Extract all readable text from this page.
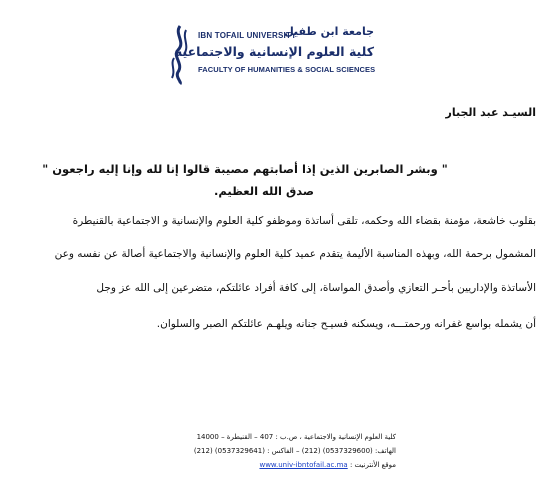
IBN TOFAIL UNIVERSITY
جامعة ابن طفيل
كلية العلوم الإنسانية والاجتماعية
FACULTY OF HUMANITIES & SOCIAL SCIENCES
السيـد عبد الجبار
" وبشر الصابرين الذين إذا أصابتهم مصيبة قالوا إنا لله وإنا إليه راجعون "
صدق الله العظيم.
بقلوب خاشعة، مؤمنة بقضاء الله وحكمه، تلقى أساتذة وموظفو كلية العلوم والإنسانية و الاجتماعية بالقنيطرة
المشمول برحمة الله، وبهذه المناسبة الأليمة يتقدم عميد كلية العلوم والإنسانية والاجتماعية أصالة عن نفسه وعن
الأساتذة والإداريين بأحـر التعازي وأصدق المواساة، إلى كافة أفراد عائلتكم، متضرعين إلى الله عز وجل
أن يشمله بواسع غفرانه ورحمتـــه، ويسكنه فسيـح جنانه ويلهـم عائلتكم الصبر والسلوان.
كلية العلوم الإنسانية والاجتماعية ، ص.ب : 407 – القنيطرة – 14000
الهاتف: (0537329600) (212) – الفاكس : (0537329641) (212)
موقع الأنترنيت : www.univ-ibntofail.ac.ma
